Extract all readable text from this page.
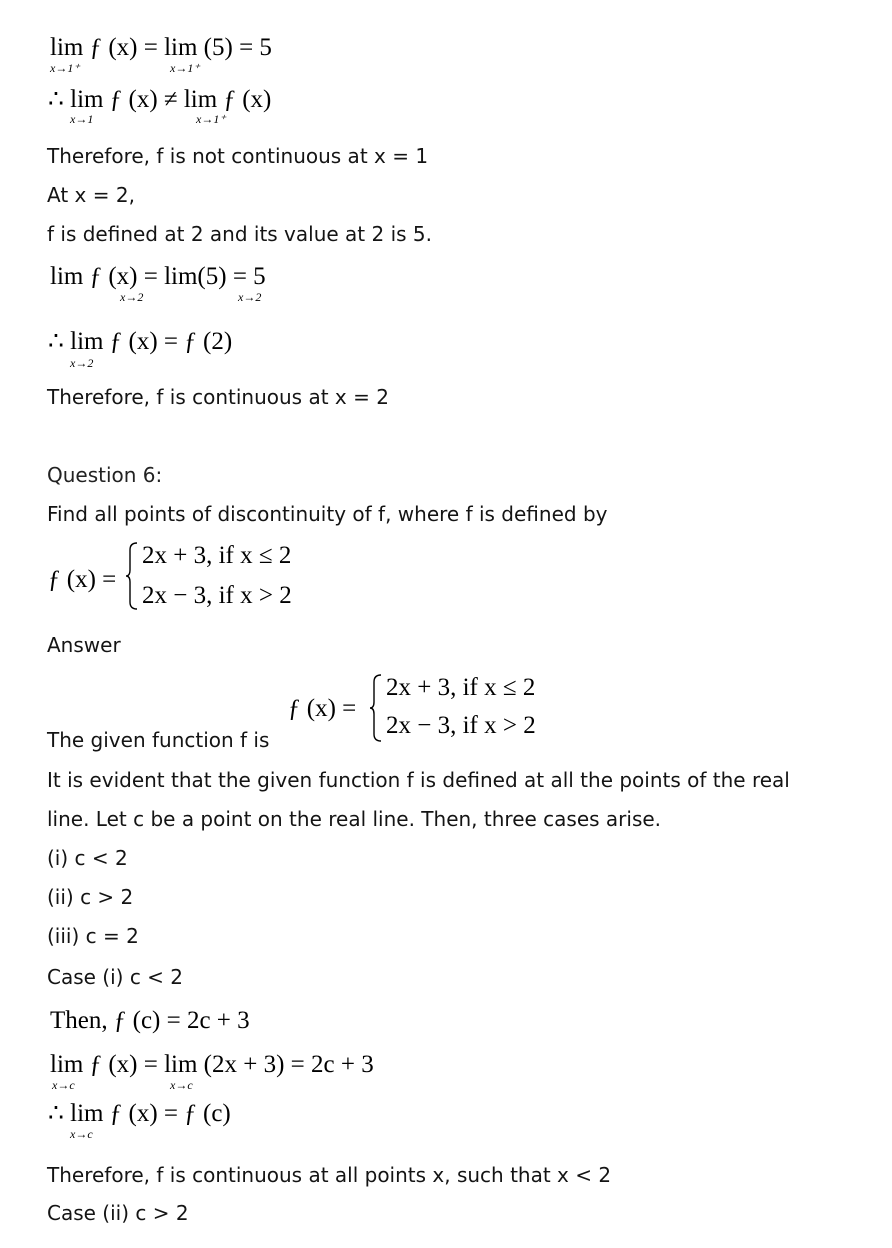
lim ƒ (x) = lim (5) = 5
x→1⁺	x→1⁺
∴ lim ƒ (x) ≠ lim ƒ (x)
x→1	x→1⁺
Therefore, f is not continuous at x = 1
At x = 2,
f is defined at 2 and its value at 2 is 5.
lim ƒ (x) = lim(5) = 5
x→2	x→2
∴ lim ƒ (x) = ƒ (2)
x→2
Therefore, f is continuous at x = 2
Question 6:
Find all points of discontinuity of f, where f is defined by
ƒ (x) =
2x + 3, if x ≤ 2
2x − 3, if x > 2
Answer
ƒ (x) =
2x + 3, if x ≤ 2
2x − 3, if x > 2
The given function f is
It is evident that the given function f is defined at all the points of the real
line. Let c be a point on the real line. Then, three cases arise.
(i) c < 2
(ii) c > 2
(iii) c = 2
Case (i) c < 2
Then, ƒ (c) = 2c + 3
lim ƒ (x) = lim (2x + 3) = 2c + 3
x→c	x→c
∴ lim ƒ (x) = ƒ (c)
x→c
Therefore, f is continuous at all points x, such that x < 2
Case (ii) c > 2
